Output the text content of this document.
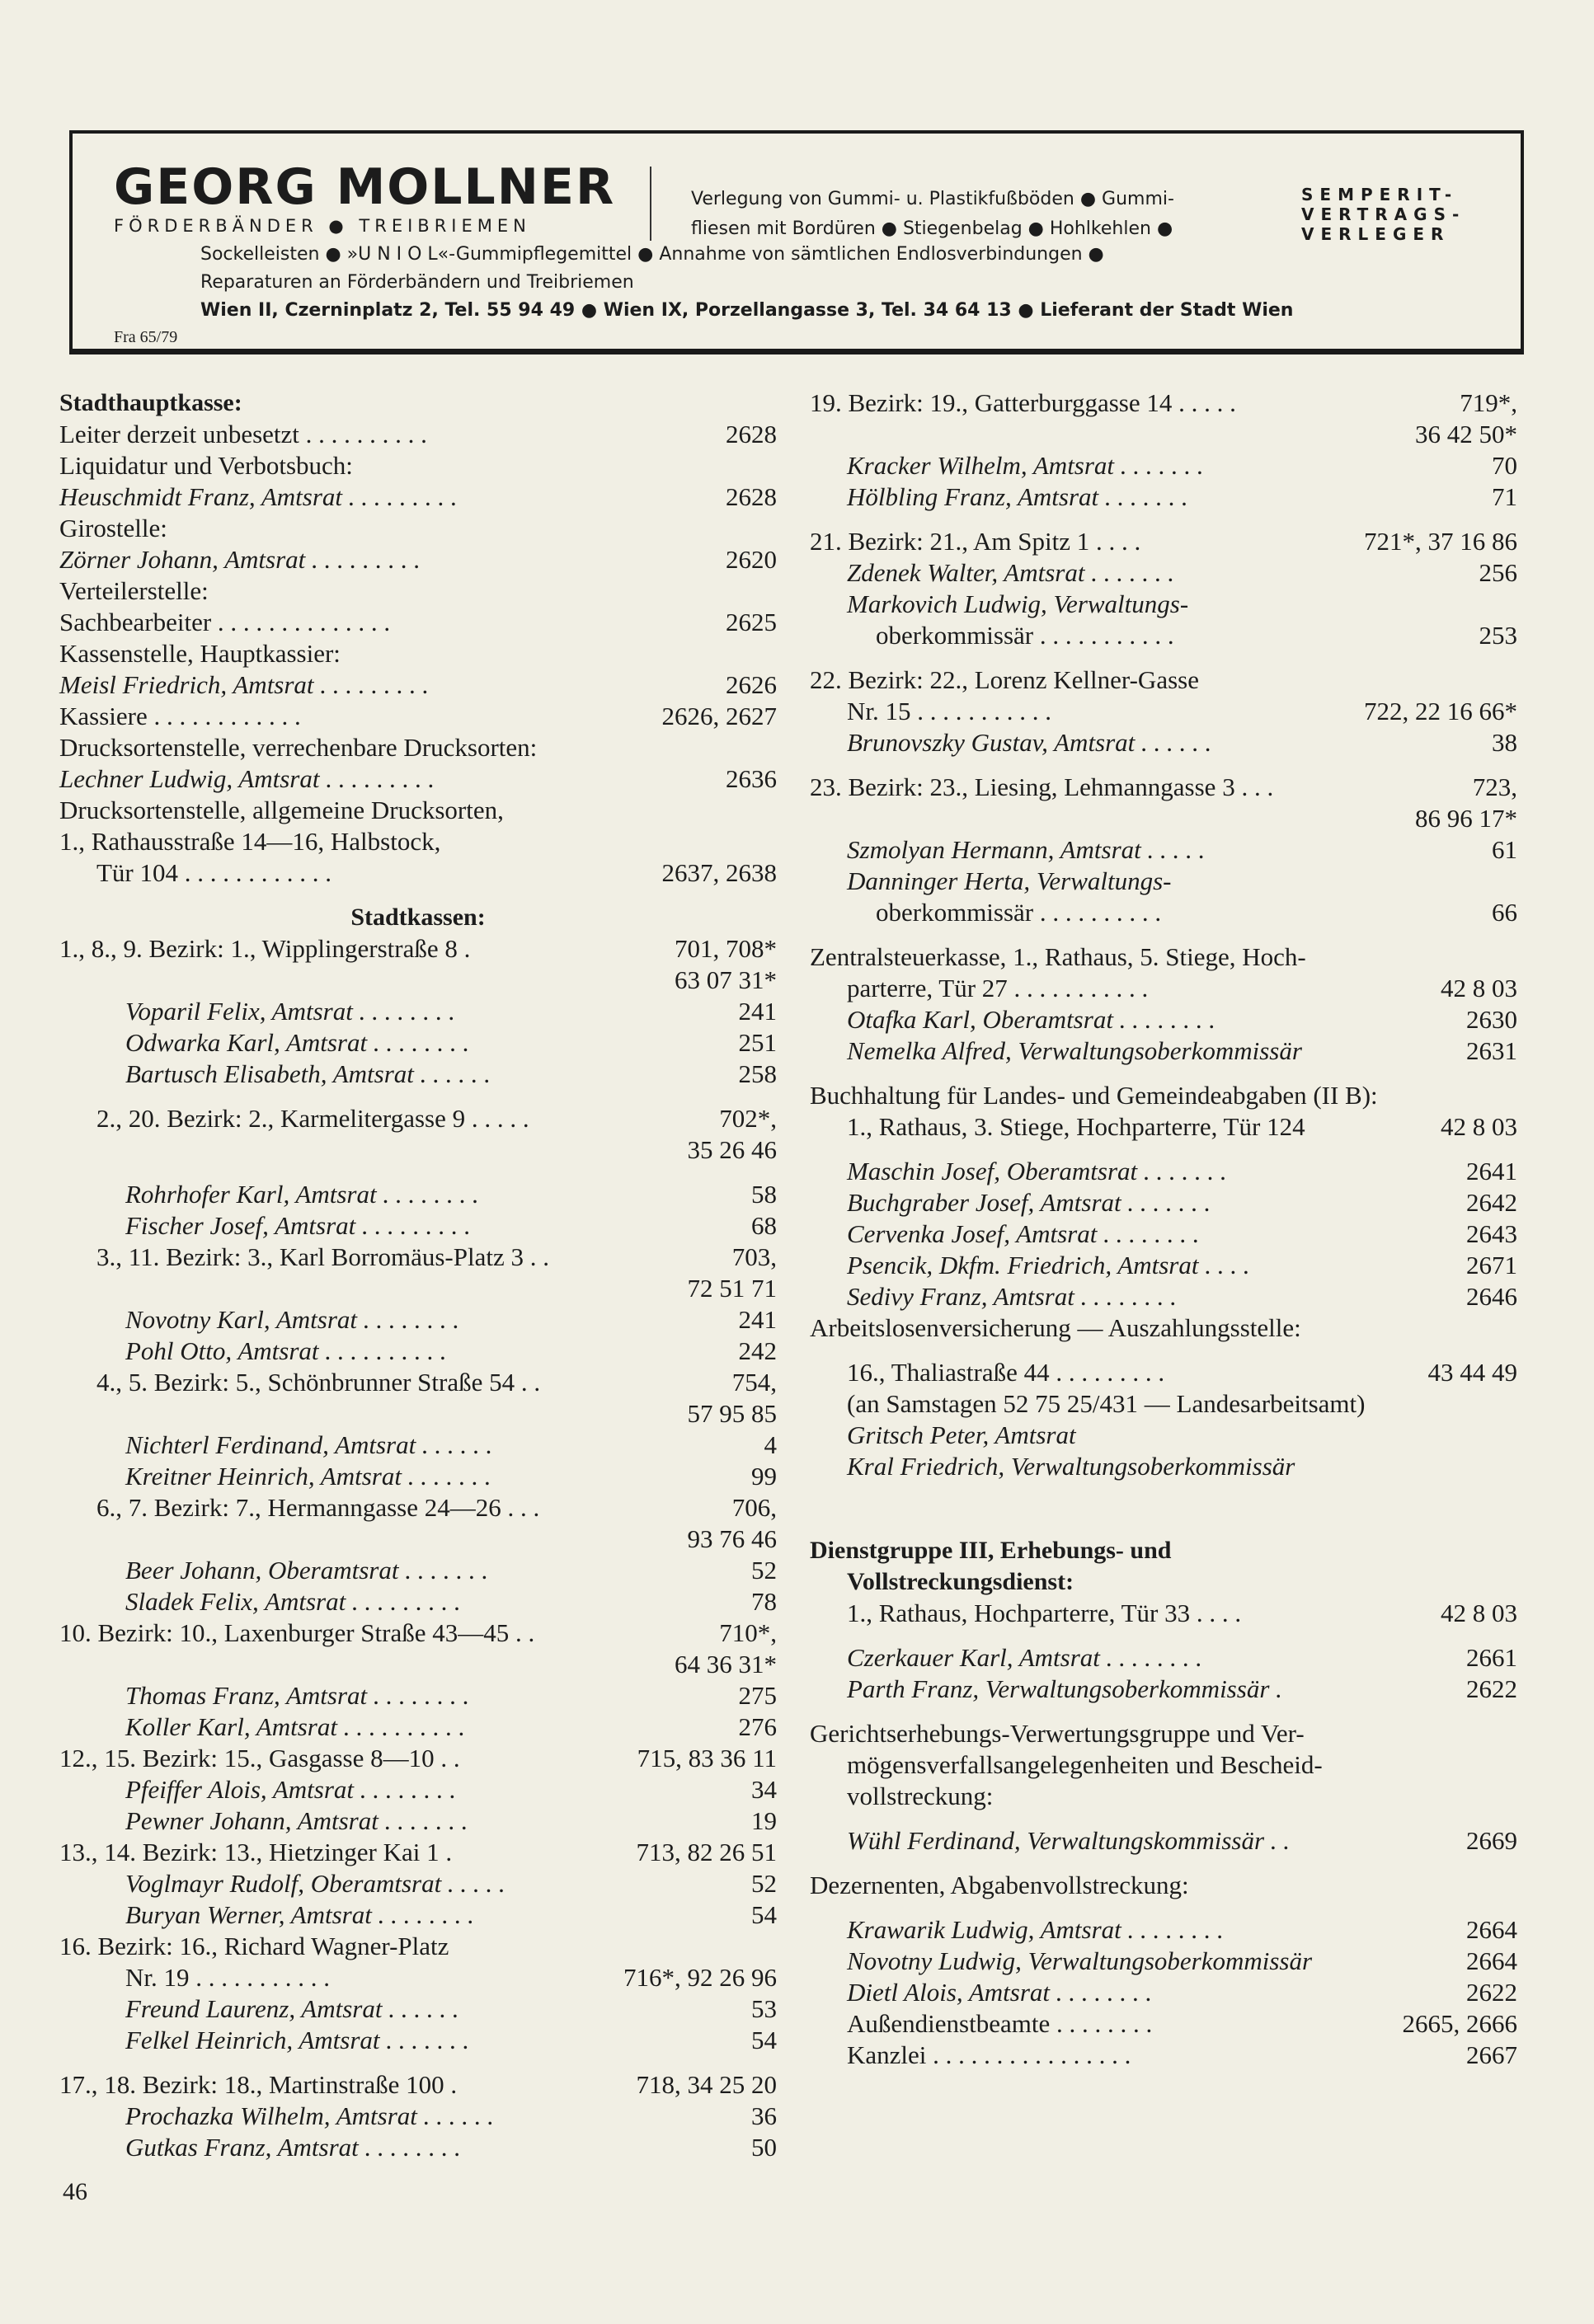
GEORG MOLLNER
FÖRDERBÄNDER ● TREIBRIEMEN
Verlegung von Gummi- u. Plastikfußböden ● Gummi-
fliesen mit Bordüren ● Stiegenbelag ● Hohlkehlen ●
Sockelleisten ● »U N I O L«-Gummipflegemittel ● Annahme von sämtlichen Endlosverbindungen ●
Reparaturen an Förderbändern und Treibriemen
SEMPERIT-
VERTRAGS-
VERLEGER
Wien II, Czerninplatz 2, Tel. 55 94 49 ● Wien IX, Porzellangasse 3, Tel. 34 64 13 ● Lieferant der Stadt Wien
Fra 65/79
Stadthauptkasse:
Leiter derzeit unbesetzt . . . . . . . . . .	2628
Liquidatur und Verbotsbuch:
Heuschmidt Franz, Amtsrat . . . . . . . . .	2628
Girostelle:
Zörner Johann, Amtsrat . . . . . . . . .	2620
Verteilerstelle:
Sachbearbeiter . . . . . . . . . . . . . .	2625
Kassenstelle, Hauptkassier:
Meisl Friedrich, Amtsrat . . . . . . . . .	2626
Kassiere . . . . . . . . . . . .	2626, 2627
Drucksortenstelle, verrechenbare Drucksorten:
Lechner Ludwig, Amtsrat . . . . . . . . .	2636
Drucksortenstelle, allgemeine Drucksorten,
1., Rathausstraße 14—16, Halbstock,
Tür 104 . . . . . . . . . . . .	2637, 2638
Stadtkassen:
1., 8., 9. Bezirk: 1., Wipplingerstraße 8 .	701, 708*
63 07 31*
Voparil Felix, Amtsrat . . . . . . . .	241
Odwarka Karl, Amtsrat . . . . . . . .	251
Bartusch Elisabeth, Amtsrat . . . . . .	258
2., 20. Bezirk: 2., Karmelitergasse 9 . . . . .	702*,
35 26 46
Rohrhofer Karl, Amtsrat . . . . . . . .	58
Fischer Josef, Amtsrat . . . . . . . . .	68
3., 11. Bezirk: 3., Karl Borromäus-Platz 3 . .	703,
72 51 71
Novotny Karl, Amtsrat . . . . . . . .	241
Pohl Otto, Amtsrat . . . . . . . . . .	242
4., 5. Bezirk: 5., Schönbrunner Straße 54 . .	754,
57 95 85
Nichterl Ferdinand, Amtsrat . . . . . .	4
Kreitner Heinrich, Amtsrat . . . . . . .	99
6., 7. Bezirk: 7., Hermanngasse 24—26 . . .	706,
93 76 46
Beer Johann, Oberamtsrat . . . . . . .	52
Sladek Felix, Amtsrat . . . . . . . . .	78
10. Bezirk: 10., Laxenburger Straße 43—45 . .	710*,
64 36 31*
Thomas Franz, Amtsrat . . . . . . . .	275
Koller Karl, Amtsrat . . . . . . . . . .	276
12., 15. Bezirk: 15., Gasgasse 8—10 . .	715, 83 36 11
Pfeiffer Alois, Amtsrat . . . . . . . .	34
Pewner Johann, Amtsrat . . . . . . .	19
13., 14. Bezirk: 13., Hietzinger Kai 1 .	713, 82 26 51
Voglmayr Rudolf, Oberamtsrat . . . . .	52
Buryan Werner, Amtsrat . . . . . . . .	54
16. Bezirk: 16., Richard Wagner-Platz
Nr. 19 . . . . . . . . . . .	716*, 92 26 96
Freund Laurenz, Amtsrat . . . . . .	53
Felkel Heinrich, Amtsrat . . . . . . .	54
17., 18. Bezirk: 18., Martinstraße 100 .	718, 34 25 20
Prochazka Wilhelm, Amtsrat . . . . . .	36
Gutkas Franz, Amtsrat . . . . . . . .	50
19. Bezirk: 19., Gatterburggasse 14 . . . . .	719*,
36 42 50*
Kracker Wilhelm, Amtsrat . . . . . . .	70
Hölbling Franz, Amtsrat . . . . . . .	71
21. Bezirk: 21., Am Spitz 1 . . . .	721*, 37 16 86
Zdenek Walter, Amtsrat . . . . . . .	256
Markovich Ludwig, Verwaltungs-
oberkommissär . . . . . . . . . . .	253
22. Bezirk: 22., Lorenz Kellner-Gasse
Nr. 15 . . . . . . . . . . .	722, 22 16 66*
Brunovszky Gustav, Amtsrat . . . . . .	38
23. Bezirk: 23., Liesing, Lehmanngasse 3 . . .	723,
86 96 17*
Szmolyan Hermann, Amtsrat . . . . .	61
Danninger Herta, Verwaltungs-
oberkommissär . . . . . . . . . .	66
Zentralsteuerkasse, 1., Rathaus, 5. Stiege, Hoch-
parterre, Tür 27 . . . . . . . . . . .	42 8 03
Otafka Karl, Oberamtsrat . . . . . . . .	2630
Nemelka Alfred, Verwaltungsoberkommissär	2631
Buchhaltung für Landes- und Gemeindeabgaben (II B):
1., Rathaus, 3. Stiege, Hochparterre, Tür 124	42 8 03
Maschin Josef, Oberamtsrat . . . . . . .	2641
Buchgraber Josef, Amtsrat . . . . . . .	2642
Cervenka Josef, Amtsrat . . . . . . . .	2643
Psencik, Dkfm. Friedrich, Amtsrat . . . .	2671
Sedivy Franz, Amtsrat . . . . . . . .	2646
Arbeitslosenversicherung — Auszahlungsstelle:
16., Thaliastraße 44 . . . . . . . . .	43 44 49
(an Samstagen 52 75 25/431 — Landesarbeitsamt)
Gritsch Peter, Amtsrat
Kral Friedrich, Verwaltungsoberkommissär
Dienstgruppe III, Erhebungs- und
Vollstreckungsdienst:
1., Rathaus, Hochparterre, Tür 33 . . . .	42 8 03
Czerkauer Karl, Amtsrat . . . . . . . .	2661
Parth Franz, Verwaltungsoberkommissär .	2622
Gerichtserhebungs-Verwertungsgruppe und Ver-
mögensverfallsangelegenheiten und Bescheid-
vollstreckung:
Wühl Ferdinand, Verwaltungskommissär . .	2669
Dezernenten, Abgabenvollstreckung:
Krawarik Ludwig, Amtsrat . . . . . . . .	2664
Novotny Ludwig, Verwaltungsoberkommissär	2664
Dietl Alois, Amtsrat . . . . . . . .	2622
Außendienstbeamte . . . . . . . .	2665, 2666
Kanzlei . . . . . . . . . . . . . . . .	2667
46
